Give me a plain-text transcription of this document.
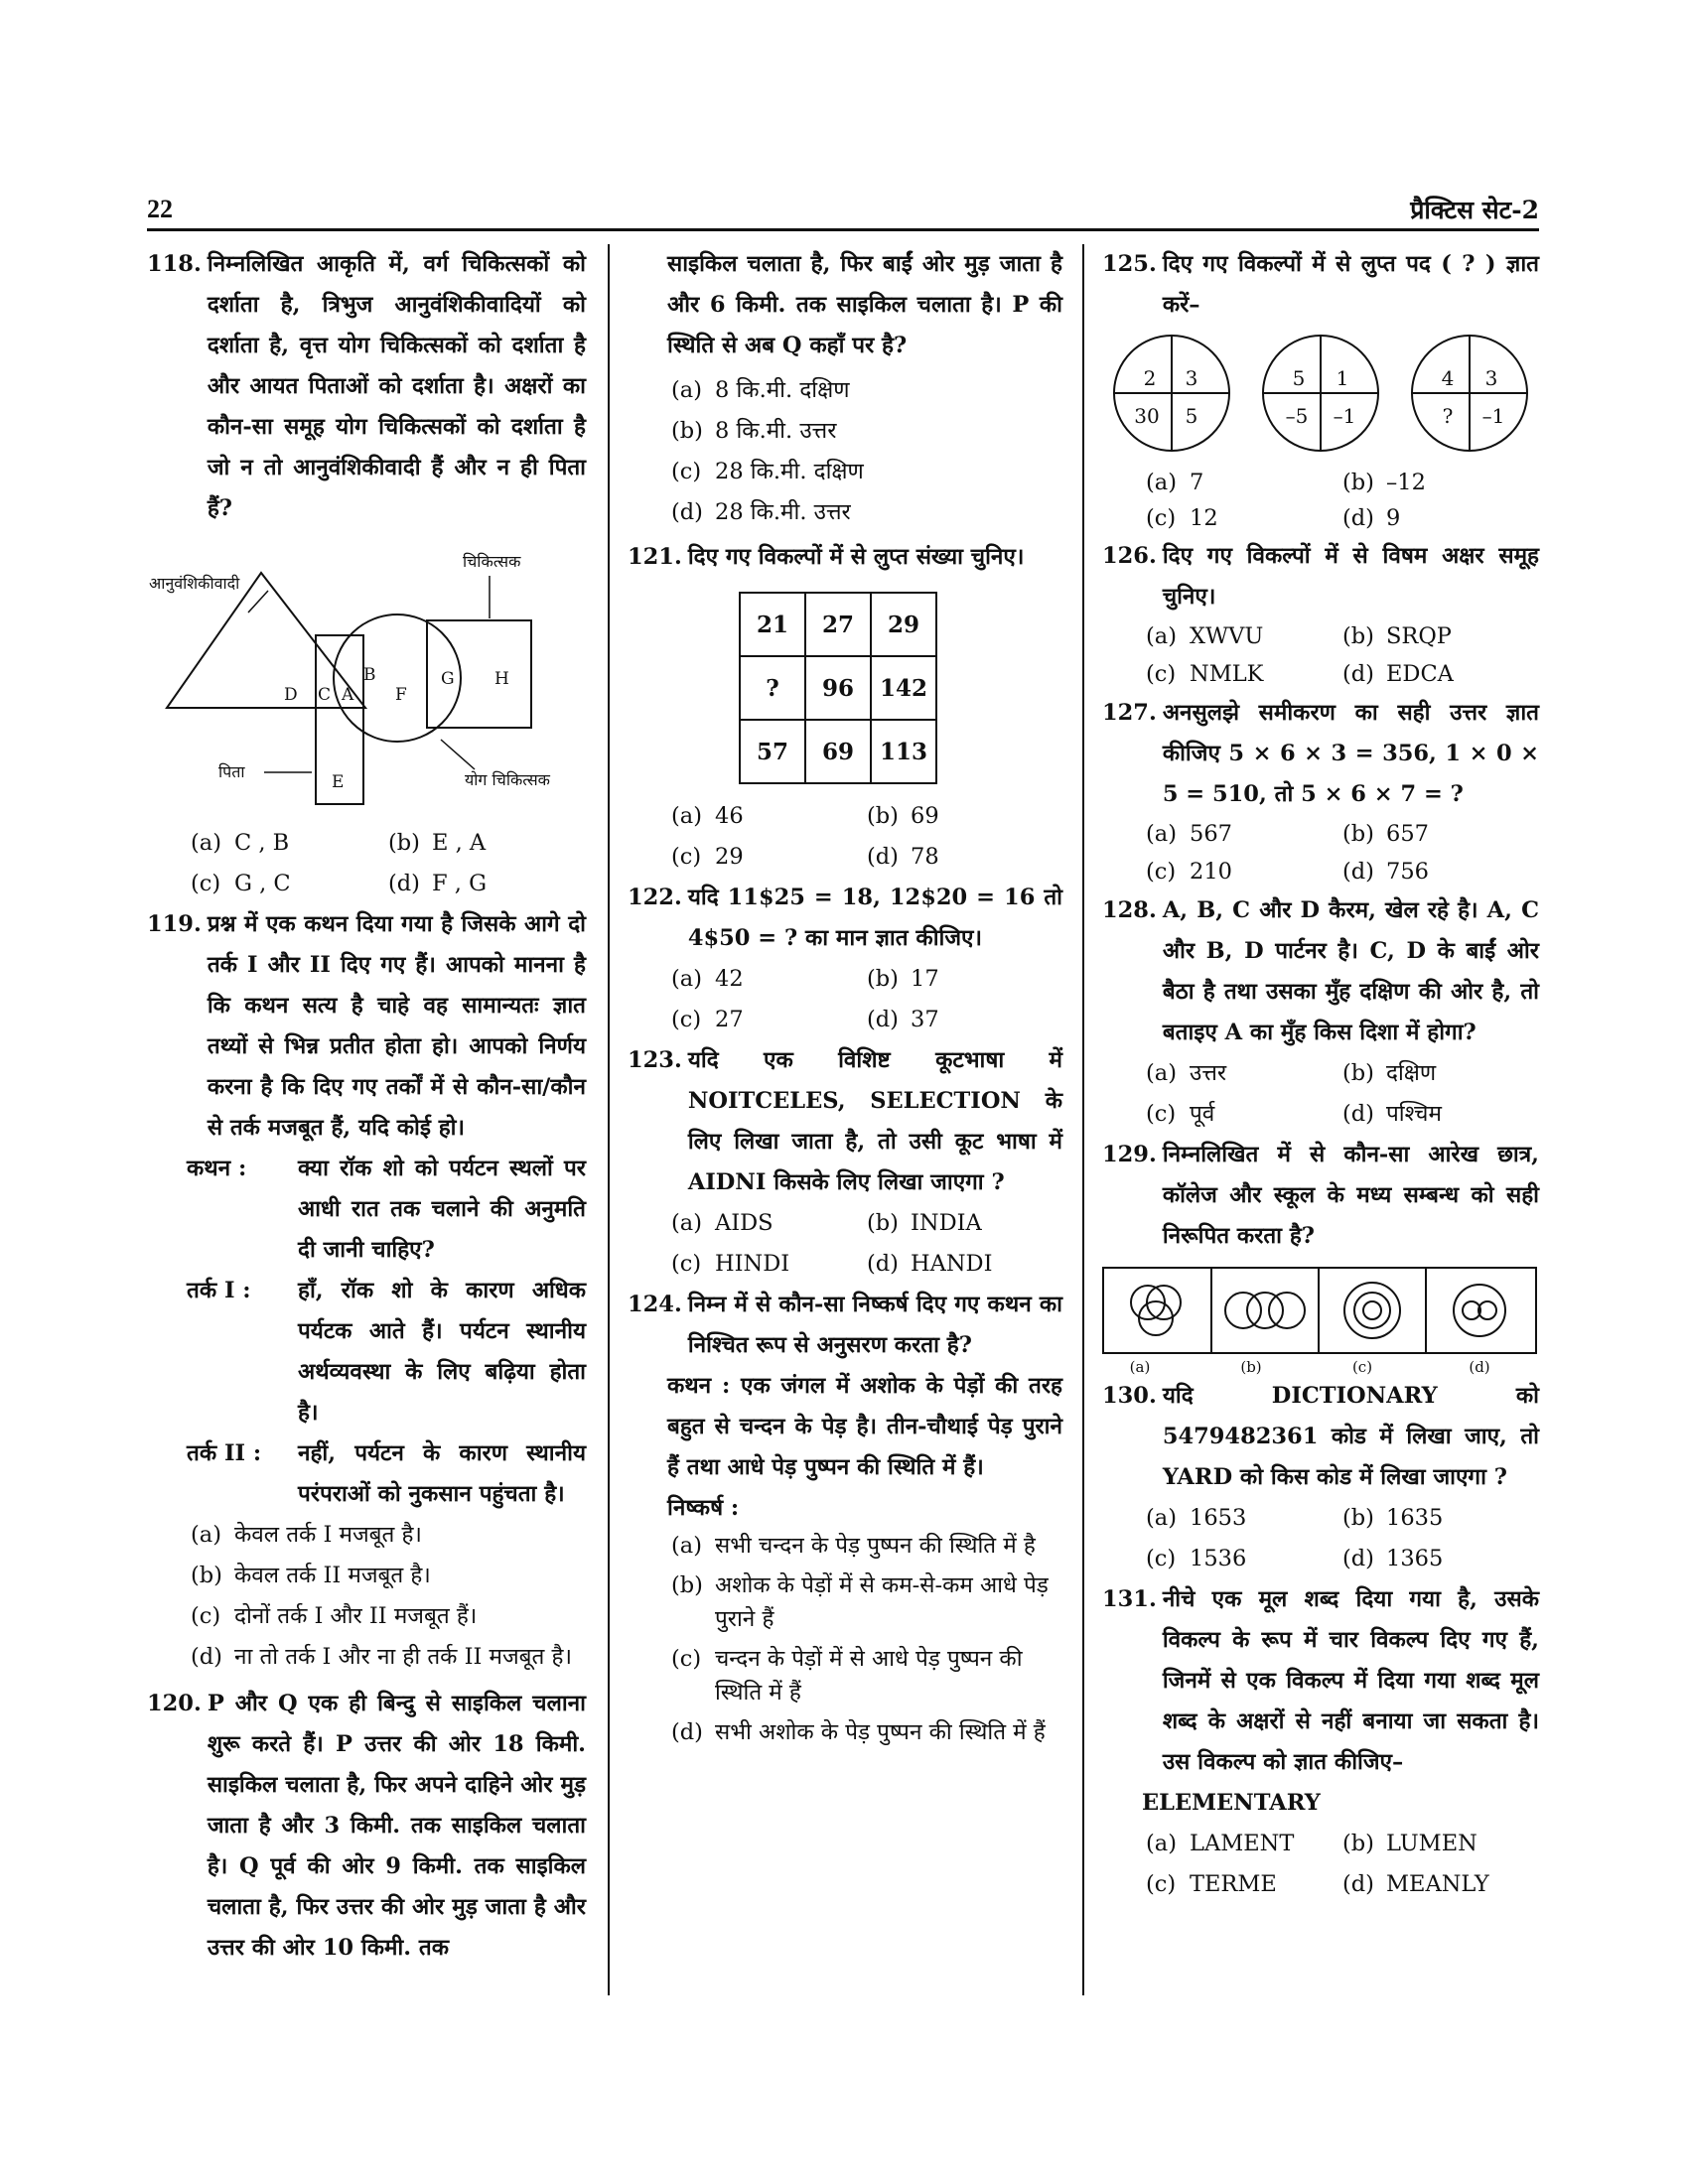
22	प्रैक्टिस सेट-2
118. निम्नलिखित आकृति में, वर्ग चिकित्सकों को दर्शाता है, त्रिभुज आनुवंशिकीवादियों को दर्शाता है, वृत्त योग चिकित्सकों को दर्शाता है और आयत पिताओं को दर्शाता है। अक्षरों का कौन-सा समूह योग चिकित्सकों को दर्शाता है जो न तो आनुवंशिकीवादी हैं और न ही पिता हैं?
चिकित्सक
आनुवंशिकीवादी
पिता	योग चिकित्सक
B
D C A F
G H
E
(a) C , B	(b) E , A
(c) G , C	(d) F , G
119. प्रश्न में एक कथन दिया गया है जिसके आगे दो तर्क I और II दिए गए हैं। आपको मानना है कि कथन सत्य है चाहे वह सामान्यतः ज्ञात तथ्यों से भिन्न प्रतीत होता हो। आपको निर्णय करना है कि दिए गए तर्कों में से कौन-सा/कौन से तर्क मजबूत हैं, यदि कोई हो।
कथन :	क्या रॉक शो को पर्यटन स्थलों पर आधी रात तक चलाने की अनुमति दी जानी चाहिए?
तर्क I :	हाँ, रॉक शो के कारण अधिक पर्यटक आते हैं। पर्यटन स्थानीय अर्थव्यवस्था के लिए बढ़िया होता है।
तर्क II :	नहीं, पर्यटन के कारण स्थानीय परंपराओं को नुकसान पहुंचता है।
(a) केवल तर्क I मजबूत है।
(b) केवल तर्क II मजबूत है।
(c) दोनों तर्क I और II मजबूत हैं।
(d) ना तो तर्क I और ना ही तर्क II मजबूत है।
120. P और Q एक ही बिन्दु से साइकिल चलाना शुरू करते हैं। P उत्तर की ओर 18 किमी. साइकिल चलाता है, फिर अपने दाहिने ओर मुड़ जाता है और 3 किमी. तक साइकिल चलाता है। Q पूर्व की ओर 9 किमी. तक साइकिल चलाता है, फिर उत्तर की ओर मुड़ जाता है और उत्तर की ओर 10 किमी. तक
साइकिल चलाता है, फिर बाईं ओर मुड़ जाता है और 6 किमी. तक साइकिल चलाता है। P की स्थिति से अब Q कहाँ पर है?
(a) 8 कि.मी. दक्षिण
(b) 8 कि.मी. उत्तर
(c) 28 कि.मी. दक्षिण
(d) 28 कि.मी. उत्तर
121. दिए गए विकल्पों में से लुप्त संख्या चुनिए।
21	27	29
?	96	142
57	69	113
(a) 46	(b) 69
(c) 29	(d) 78
122. यदि 11$25 = 18, 12$20 = 16 तो 4$50 = ? का मान ज्ञात कीजिए।
(a) 42	(b) 17
(c) 27	(d) 37
123. यदि एक विशिष्ट कूटभाषा में NOITCELES, SELECTION के लिए लिखा जाता है, तो उसी कूट भाषा में AIDNI किसके लिए लिखा जाएगा ?
(a) AIDS	(b) INDIA
(c) HINDI	(d) HANDI
124. निम्न में से कौन-सा निष्कर्ष दिए गए कथन का निश्चित रूप से अनुसरण करता है?
कथन : एक जंगल में अशोक के पेड़ों की तरह बहुत से चन्दन के पेड़ है। तीन-चौथाई पेड़ पुराने हैं तथा आधे पेड़ पुष्पन की स्थिति में हैं।
निष्कर्ष :
(a) सभी चन्दन के पेड़ पुष्पन की स्थिति में है
(b) अशोक के पेड़ों में से कम-से-कम आधे पेड़ पुराने हैं
(c) चन्दन के पेड़ों में से आधे पेड़ पुष्पन की स्थिति में हैं
(d) सभी अशोक के पेड़ पुष्पन की स्थिति में हैं
125. दिए गए विकल्पों में से लुप्त पद ( ? ) ज्ञात करें–
2 3
30 5
5 1
–5 –1
4 3
? –1
(a) 7	(b) –12
(c) 12	(d) 9
126. दिए गए विकल्पों में से विषम अक्षर समूह चुनिए।
(a) XWVU	(b) SRQP
(c) NMLK	(d) EDCA
127. अनसुलझे समीकरण का सही उत्तर ज्ञात कीजिए 5 × 6 × 3 = 356, 1 × 0 × 5 = 510, तो 5 × 6 × 7 = ?
(a) 567	(b) 657
(c) 210	(d) 756
128. A, B, C और D कैरम, खेल रहे है। A, C और B, D पार्टनर है। C, D के बाईं ओर बैठा है तथा उसका मुँह दक्षिण की ओर है, तो बताइए A का मुँह किस दिशा में होगा?
(a) उत्तर	(b) दक्षिण
(c) पूर्व	(d) पश्चिम
129. निम्नलिखित में से कौन-सा आरेख छात्र, कॉलेज और स्कूल के मध्य सम्बन्ध को सही निरूपित करता है?
(a)	(b)	(c)	(d)
130. यदि DICTIONARY को 5479482361 कोड में लिखा जाए, तो YARD को किस कोड में लिखा जाएगा ?
(a) 1653	(b) 1635
(c) 1536	(d) 1365
131. नीचे एक मूल शब्द दिया गया है, उसके विकल्प के रूप में चार विकल्प दिए गए हैं, जिनमें से एक विकल्प में दिया गया शब्द मूल शब्द के अक्षरों से नहीं बनाया जा सकता है। उस विकल्प को ज्ञात कीजिए–
ELEMENTARY
(a) LAMENT (b) LUMEN
(c) TERME	(d) MEANLY
